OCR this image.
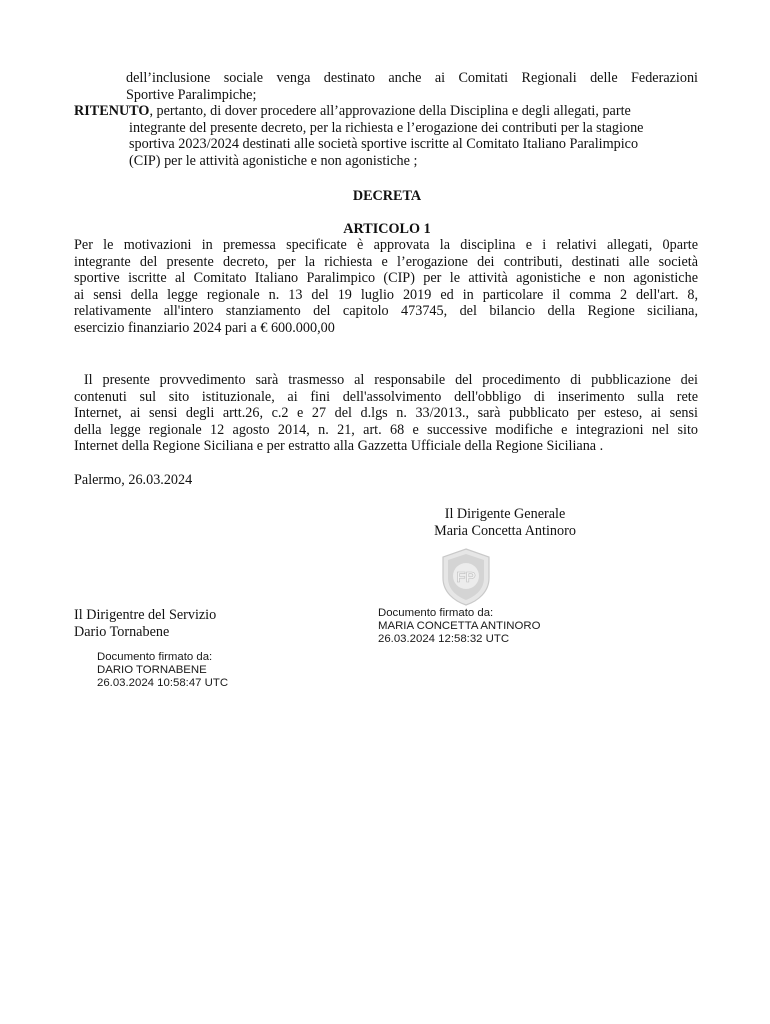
dell’inclusione sociale venga destinato anche ai Comitati Regionali delle Federazioni
Sportive Paralimpiche;
RITENUTO, pertanto, di dover procedere all’approvazione della Disciplina e degli allegati, parte
integrante del presente decreto, per la richiesta e l’erogazione dei contributi per la stagione
sportiva 2023/2024 destinati alle società sportive iscritte al Comitato Italiano Paralimpico
(CIP) per le attività agonistiche e non agonistiche ;
DECRETA
ARTICOLO 1
Per le motivazioni in premessa specificate è approvata la disciplina e i relativi allegati, 0parte
integrante del presente decreto, per la richiesta e l’erogazione dei contributi, destinati alle società
sportive iscritte al Comitato Italiano Paralimpico (CIP) per le attività agonistiche e non agonistiche
ai sensi della legge regionale n. 13 del 19 luglio 2019 ed in particolare il comma 2 dell'art. 8,
relativamente all'intero stanziamento del capitolo 473745, del bilancio della Regione siciliana,
esercizio finanziario 2024 pari a € 600.000,00
Il presente provvedimento sarà trasmesso al responsabile del procedimento di pubblicazione dei
contenuti sul sito istituzionale, ai fini dell'assolvimento dell'obbligo di inserimento sulla rete
Internet, ai sensi degli artt.26, c.2 e 27 del d.lgs n. 33/2013., sarà pubblicato per esteso, ai sensi
della legge regionale 12 agosto 2014, n. 21, art. 68 e successive modifiche e integrazioni nel sito
Internet della Regione Siciliana e per estratto alla Gazzetta Ufficiale della Regione Siciliana .
Palermo, 26.03.2024
Il Dirigente Generale
Maria Concetta Antinoro
FP
Documento firmato da:
MARIA CONCETTA ANTINORO
26.03.2024 12:58:32 UTC
Il Dirigentre del Servizio
Dario Tornabene
Documento firmato da:
DARIO TORNABENE
26.03.2024 10:58:47 UTC
